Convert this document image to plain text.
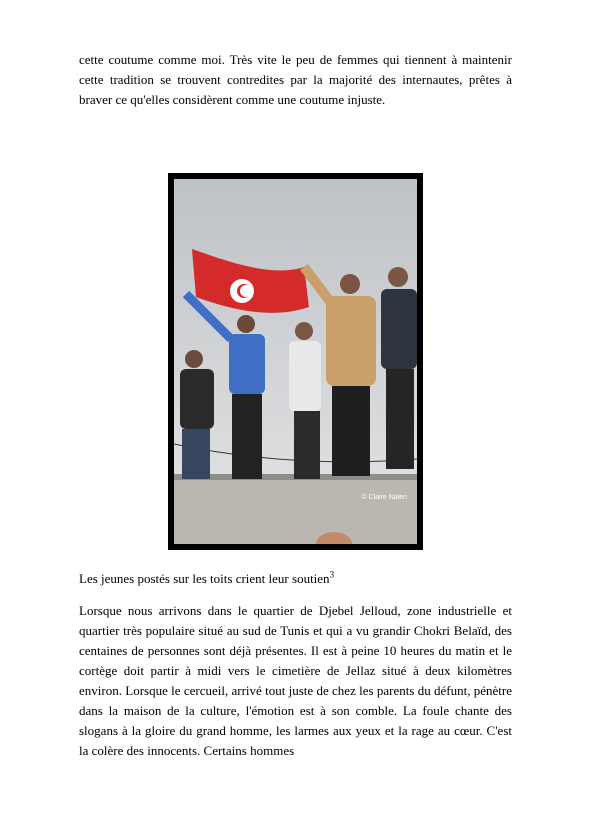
cette coutume comme moi. Très vite le peu de femmes qui tiennent à maintenir cette tradition se trouvent contredites par la majorité des internautes, prêtes à braver ce qu'elles considèrent comme une coutume injuste.

© Claire Nalen
Les jeunes postés sur les toits crient leur soutien$^3$

Lorsque nous arrivons dans le quartier de Djebel Jelloud, zone industrielle et quartier très populaire situé au sud de Tunis et qui a vu grandir Chokri Belaïd, des centaines de personnes sont déjà présentes. Il est à peine 10 heures du matin et le cortège doit partir à midi vers le cimetière de Jellaz situé à deux kilomètres environ. Lorsque le cercueil, arrivé tout juste de chez les parents du défunt, pénètre dans la maison de la culture, l'émotion est à son comble. La foule chante des slogans à la gloire du grand homme, les larmes aux yeux et la rage au cœur. C'est la colère des innocents. Certains hommes
